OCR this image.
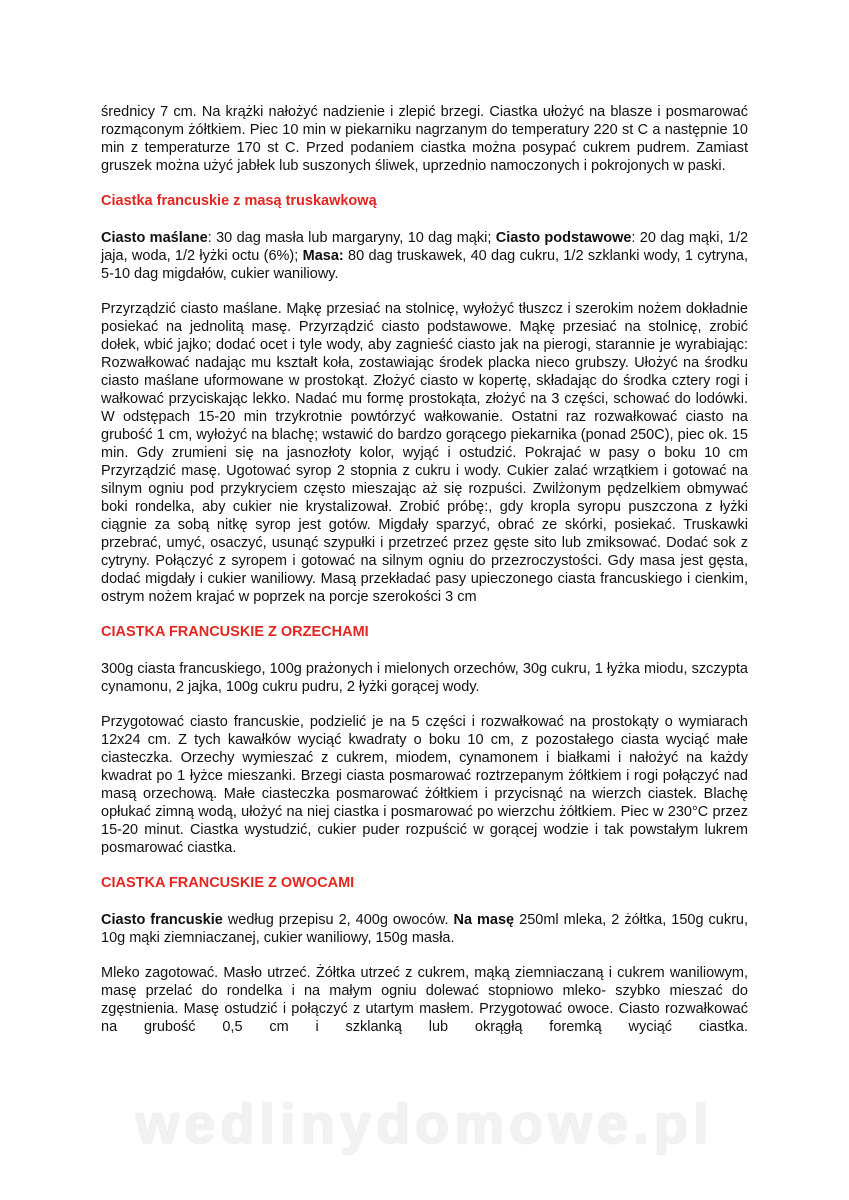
średnicy 7 cm. Na krążki nałożyć nadzienie i zlepić brzegi. Ciastka ułożyć na blasze i posmarować rozmąconym żółtkiem. Piec 10 min w piekarniku nagrzanym do temperatury 220 st C a następnie 10 min z temperaturze 170 st C. Przed podaniem ciastka można posypać cukrem pudrem. Zamiast gruszek można użyć jabłek lub suszonych śliwek, uprzednio namoczonych i pokrojonych w paski.

Ciastka francuskie z masą truskawkową

Ciasto maślane: 30 dag masła lub margaryny, 10 dag mąki; Ciasto podstawowe: 20 dag mąki, 1/2 jaja, woda, 1/2 łyżki octu (6%); Masa: 80 dag truskawek, 40 dag cukru, 1/2 szklanki wody, 1 cytryna, 5-10 dag migdałów, cukier waniliowy.

Przyrządzić ciasto maślane. Mąkę przesiać na stolnicę, wyłożyć tłuszcz i szerokim nożem dokładnie posiekać na jednolitą masę. Przyrządzić ciasto podstawowe. Mąkę przesiać na stolnicę, zrobić dołek, wbić jajko; dodać ocet i tyle wody, aby zagnieść ciasto jak na pierogi, starannie je wyrabiając: Rozwałkować nadając mu kształt koła, zostawiając środek placka nieco grubszy. Ułożyć na środku ciasto maślane uformowane w prostokąt. Złożyć ciasto w kopertę, składając do środka cztery rogi i wałkować przyciskając lekko. Nadać mu formę prostokąta, złożyć na 3 części, schować do lodówki. W odstępach 15-20 min trzykrotnie powtórzyć wałkowanie. Ostatni raz rozwałkować ciasto na grubość 1 cm, wyłożyć na blachę; wstawić do bardzo gorącego piekarnika (ponad 250C), piec ok. 15 min. Gdy zrumieni się na jasnozłoty kolor, wyjąć i ostudzić. Pokrajać w pasy o boku 10 cm Przyrządzić masę. Ugotować syrop 2 stopnia z cukru i wody. Cukier zalać wrzątkiem i gotować na silnym ogniu pod przykryciem często mieszając aż się rozpuści. Zwilżonym pędzelkiem obmywać boki rondelka, aby cukier nie krystalizował. Zrobić próbę:, gdy kropla syropu puszczona z łyżki ciągnie za sobą nitkę syrop jest gotów. Migdały sparzyć, obrać ze skórki, posiekać. Truskawki przebrać, umyć, osaczyć, usunąć szypułki i przetrzeć przez gęste sito lub zmiksować. Dodać sok z cytryny. Połączyć z syropem i gotować na silnym ogniu do przezroczystości. Gdy masa jest gęsta, dodać migdały i cukier waniliowy. Masą przekładać pasy upieczonego ciasta francuskiego i cienkim, ostrym nożem krajać w poprzek na porcje szerokości 3 cm

CIASTKA FRANCUSKIE Z ORZECHAMI

300g ciasta francuskiego, 100g prażonych i mielonych orzechów, 30g cukru, 1 łyżka miodu, szczypta cynamonu, 2 jajka, 100g cukru pudru, 2 łyżki gorącej wody.

Przygotować ciasto francuskie, podzielić je na 5 części i rozwałkować na prostokąty o wymiarach 12x24 cm. Z tych kawałków wyciąć kwadraty o boku 10 cm, z pozostałego ciasta wyciąć małe ciasteczka. Orzechy wymieszać z cukrem, miodem, cynamonem i białkami i nałożyć na każdy kwadrat po 1 łyżce mieszanki. Brzegi ciasta posmarować roztrzepanym żółtkiem i rogi połączyć nad masą orzechową. Małe ciasteczka posmarować żółtkiem i przycisnąć na wierzch ciastek. Blachę opłukać zimną wodą, ułożyć na niej ciastka i posmarować po wierzchu żółtkiem. Piec w 230°C przez 15-20 minut. Ciastka wystudzić, cukier puder rozpuścić w gorącej wodzie i tak powstałym lukrem posmarować ciastka.

CIASTKA FRANCUSKIE Z OWOCAMI

Ciasto francuskie według przepisu 2, 400g owoców. Na masę 250ml mleka, 2 żółtka, 150g cukru, 10g mąki ziemniaczanej, cukier waniliowy, 150g masła.

Mleko zagotować. Masło utrzeć. Żółtka utrzeć z cukrem, mąką ziemniaczaną i cukrem waniliowym, masę przelać do rondelka i na małym ogniu dolewać stopniowo mleko- szybko mieszać do zgęstnienia. Masę ostudzić i połączyć z utartym masłem. Przygotować owoce. Ciasto rozwałkować na grubość 0,5 cm i szklanką lub okrągłą foremką wyciąć ciastka.

wedlinydomowe.pl
